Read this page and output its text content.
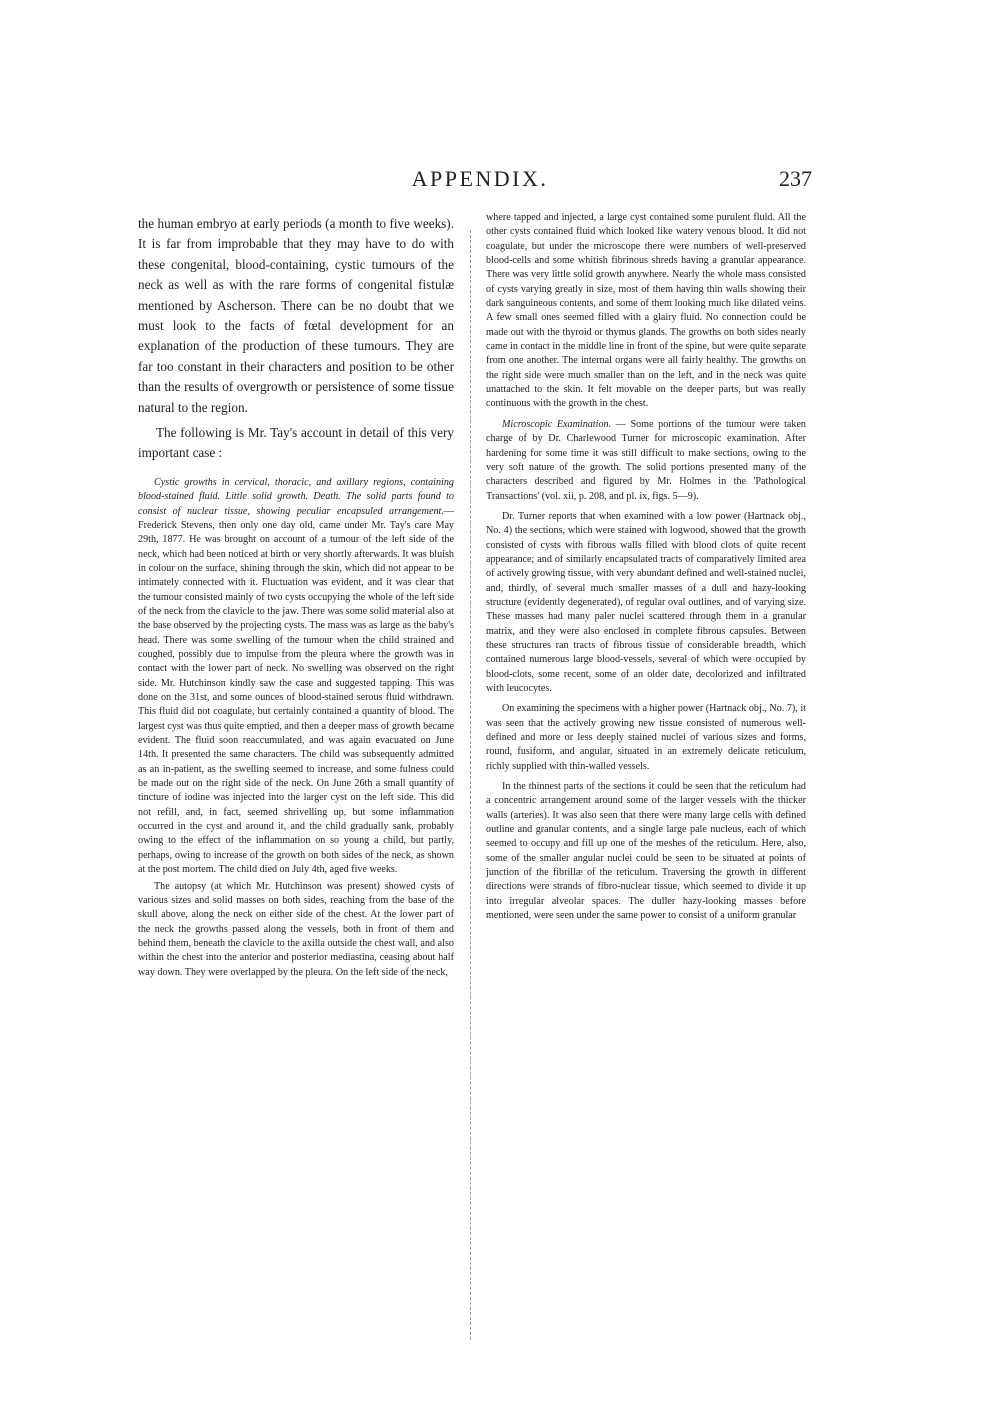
APPENDIX.	237

the human embryo at early periods (a month to five weeks). It is far from improbable that they may have to do with these congenital, blood-containing, cystic tumours of the neck as well as with the rare forms of congenital fistulæ mentioned by Ascherson. There can be no doubt that we must look to the facts of fœtal development for an explanation of the production of these tumours. They are far too constant in their characters and position to be other than the results of overgrowth or persistence of some tissue natural to the region.

The following is Mr. Tay's account in detail of this very important case :

Cystic growths in cervical, thoracic, and axillary regions, containing blood-stained fluid. Little solid growth. Death. The solid parts found to consist of nuclear tissue, showing peculiar encapsuled arrangement.—Frederick Stevens, then only one day old, came under Mr. Tay's care May 29th, 1877. He was brought on account of a tumour of the left side of the neck, which had been noticed at birth or very shortly afterwards. It was bluish in colour on the surface, shining through the skin, which did not appear to be intimately connected with it. Fluctuation was evident, and it was clear that the tumour consisted mainly of two cysts occupying the whole of the left side of the neck from the clavicle to the jaw. There was some solid material also at the base observed by the projecting cysts. The mass was as large as the baby's head. There was some swelling of the tumour when the child strained and coughed, possibly due to impulse from the pleura where the growth was in contact with the lower part of neck. No swelling was observed on the right side. Mr. Hutchinson kindly saw the case and suggested tapping. This was done on the 31st, and some ounces of blood-stained serous fluid withdrawn. This fluid did not coagulate, but certainly contained a quantity of blood. The largest cyst was thus quite emptied, and then a deeper mass of growth became evident. The fluid soon reaccumulated, and was again evacuated on June 14th. It presented the same characters. The child was subsequently admitted as an in-patient, as the swelling seemed to increase, and some fulness could be made out on the right side of the neck. On June 26th a small quantity of tincture of iodine was injected into the larger cyst on the left side. This did not refill, and, in fact, seemed shrivelling up, but some inflammation occurred in the cyst and around it, and the child gradually sank, probably owing to the effect of the inflammation on so young a child, but partly, perhaps, owing to increase of the growth on both sides of the neck, as shown at the post mortem. The child died on July 4th, aged five weeks.

The autopsy (at which Mr. Hutchinson was present) showed cysts of various sizes and solid masses on both sides, reaching from the base of the skull above, along the neck on either side of the chest. At the lower part of the neck the growths passed along the vessels, both in front of them and behind them, beneath the clavicle to the axilla outside the chest wall, and also within the chest into the anterior and posterior mediastina, ceasing about half way down. They were overlapped by the pleura. On the left side of the neck,

where tapped and injected, a large cyst contained some purulent fluid. All the other cysts contained fluid which looked like watery venous blood. It did not coagulate, but under the microscope there were numbers of well-preserved blood-cells and some whitish fibrinous shreds having a granular appearance. There was very little solid growth anywhere. Nearly the whole mass consisted of cysts varying greatly in size, most of them having thin walls showing their dark sanguineous contents, and some of them looking much like dilated veins. A few small ones seemed filled with a glairy fluid. No connection could be made out with the thyroid or thymus glands. The growths on both sides nearly came in contact in the middle line in front of the spine, but were quite separate from one another. The internal organs were all fairly healthy. The growths on the right side were much smaller than on the left, and in the neck was quite unattached to the skin. It felt movable on the deeper parts, but was really continuous with the growth in the chest.

Microscopic Examination. — Some portions of the tumour were taken charge of by Dr. Charlewood Turner for microscopic examination. After hardening for some time it was still difficult to make sections, owing to the very soft nature of the growth. The solid portions presented many of the characters described and figured by Mr. Holmes in the 'Pathological Transactions' (vol. xii, p. 208, and pl. ix, figs. 5—9).

Dr. Turner reports that when examined with a low power (Hartnack obj., No. 4) the sections, which were stained with logwood, showed that the growth consisted of cysts with fibrous walls filled with blood clots of quite recent appearance; and of similarly encapsulated tracts of comparatively limited area of actively growing tissue, with very abundant defined and well-stained nuclei, and, thirdly, of several much smaller masses of a dull and hazy-looking structure (evidently degenerated), of regular oval outlines, and of varying size. These masses had many paler nuclei scattered through them in a granular matrix, and they were also enclosed in complete fibrous capsules. Between these structures ran tracts of fibrous tissue of considerable breadth, which contained numerous large blood-vessels, several of which were occupied by blood-clots, some recent, some of an older date, decolorized and infiltrated with leucocytes.

On examining the specimens with a higher power (Hartnack obj., No. 7), it was seen that the actively growing new tissue consisted of numerous well-defined and more or less deeply stained nuclei of various sizes and forms, round, fusiform, and angular, situated in an extremely delicate reticulum, richly supplied with thin-walled vessels.

In the thinnest parts of the sections it could be seen that the reticulum had a concentric arrangement around some of the larger vessels with the thicker walls (arteries). It was also seen that there were many large cells with defined outline and granular contents, and a single large pale nucleus, each of which seemed to occupy and fill up one of the meshes of the reticulum. Here, also, some of the smaller angular nuclei could be seen to be situated at points of junction of the fibrillæ of the reticulum. Traversing the growth in different directions were strands of fibro-nuclear tissue, which seemed to divide it up into irregular alveolar spaces. The duller hazy-looking masses before mentioned, were seen under the same power to consist of a uniform granular
